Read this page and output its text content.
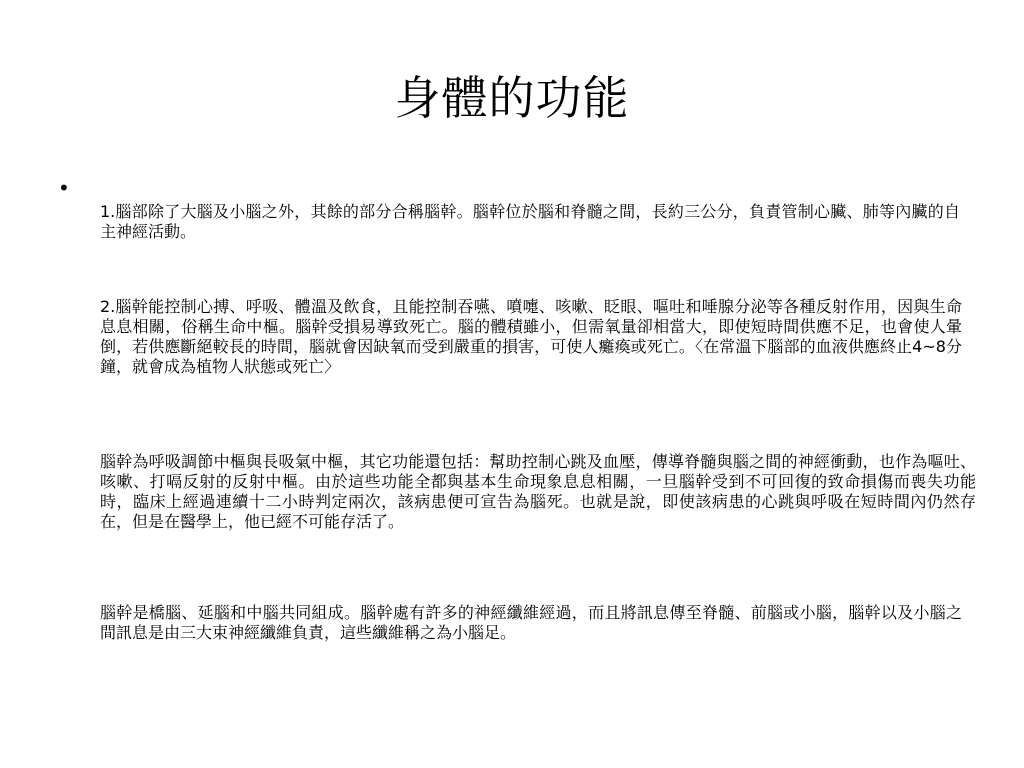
身體的功能
•

1.腦部除了大腦及小腦之外，其餘的部分合稱腦幹。腦幹位於腦和脊髓之間，長約三公分，負責管制心臟、肺等內臟的自主神經活動。

2.腦幹能控制心搏、呼吸、體溫及飲食，且能控制吞嚥、噴嚏、咳嗽、眨眼、嘔吐和唾腺分泌等各種反射作用，因與生命息息相關，俗稱生命中樞。腦幹受損易導致死亡。腦的體積雖小，但需氧量卻相當大，即使短時間供應不足，也會使人暈倒，若供應斷絕較長的時間，腦就會因缺氧而受到嚴重的損害，可使人癱瘓或死亡。〈在常溫下腦部的血液供應終止4~8分鐘，就會成為植物人狀態或死亡〉

腦幹為呼吸調節中樞與長吸氣中樞，其它功能還包括：幫助控制心跳及血壓，傳導脊髓與腦之間的神經衝動，也作為嘔吐、咳嗽、打嗝反射的反射中樞。由於這些功能全都與基本生命現象息息相關，一旦腦幹受到不可回復的致命損傷而喪失功能時，臨床上經過連續十二小時判定兩次，該病患便可宣告為腦死。也就是說，即使該病患的心跳與呼吸在短時間內仍然存在，但是在醫學上，他已經不可能存活了。

腦幹是橋腦、延腦和中腦共同組成。腦幹處有許多的神經纖維經過，而且將訊息傳至脊髓、前腦或小腦，腦幹以及小腦之間訊息是由三大束神經纖維負責，這些纖維稱之為小腦足。
